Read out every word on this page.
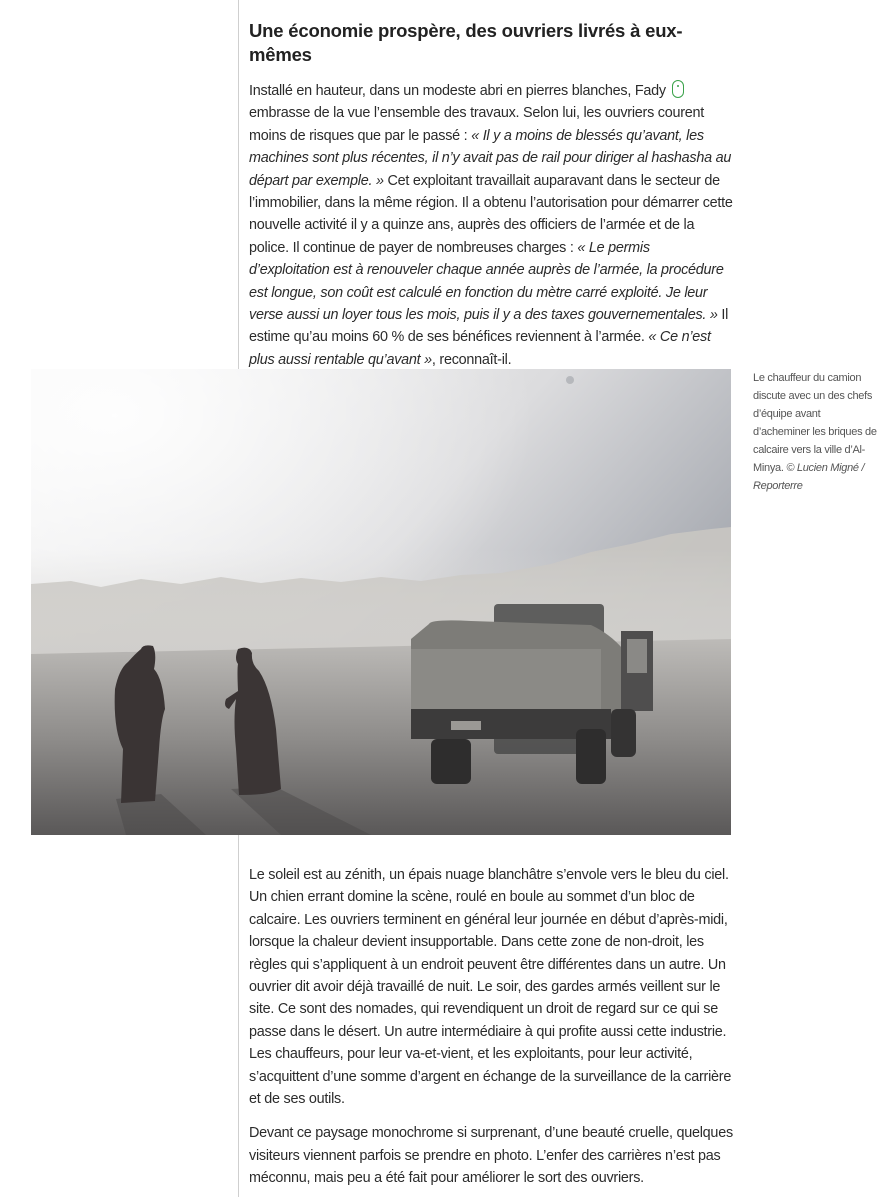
Une économie prospère, des ouvriers livrés à eux-mêmes

Installé en hauteur, dans un modeste abri en pierres blanches, Fady  embrasse de la vue l’ensemble des travaux. Selon lui, les ouvriers courent moins de risques que par le passé : « Il y a moins de blessés qu’avant, les machines sont plus récentes, il n’y avait pas de rail pour diriger al hashasha au départ par exemple. » Cet exploitant travaillait auparavant dans le secteur de l’immobilier, dans la même région. Il a obtenu l’autorisation pour démarrer cette nouvelle activité il y a quinze ans, auprès des officiers de l’armée et de la police. Il continue de payer de nombreuses charges : « Le permis d’exploitation est à renouveler chaque année auprès de l’armée, la procédure est longue, son coût est calculé en fonction du mètre carré exploité. Je leur verse aussi un loyer tous les mois, puis il y a des taxes gouvernementales. » Il estime qu’au moins 60 % de ses bénéfices reviennent à l’armée. « Ce n’est plus aussi rentable qu’avant », reconnaît-il.

Le chauffeur du camion discute avec un des chefs d’équipe avant d’acheminer les briques de calcaire vers la ville d’Al-Minya. © Lucien Migné / Reporterre

Le soleil est au zénith, un épais nuage blanchâtre s’envole vers le bleu du ciel. Un chien errant domine la scène, roulé en boule au sommet d’un bloc de calcaire. Les ouvriers terminent en général leur journée en début d’après-midi, lorsque la chaleur devient insupportable. Dans cette zone de non-droit, les règles qui s’appliquent à un endroit peuvent être différentes dans un autre. Un ouvrier dit avoir déjà travaillé de nuit. Le soir, des gardes armés veillent sur le site. Ce sont des nomades, qui revendiquent un droit de regard sur ce qui se passe dans le désert. Un autre intermédiaire à qui profite aussi cette industrie. Les chauffeurs, pour leur va-et-vient, et les exploitants, pour leur activité, s’acquittent d’une somme d’argent en échange de la surveillance de la carrière et de ses outils.

Devant ce paysage monochrome si surprenant, d’une beauté cruelle, quelques visiteurs viennent parfois se prendre en photo. L’enfer des carrières n’est pas méconnu, mais peu a été fait pour améliorer le sort des ouvriers.
